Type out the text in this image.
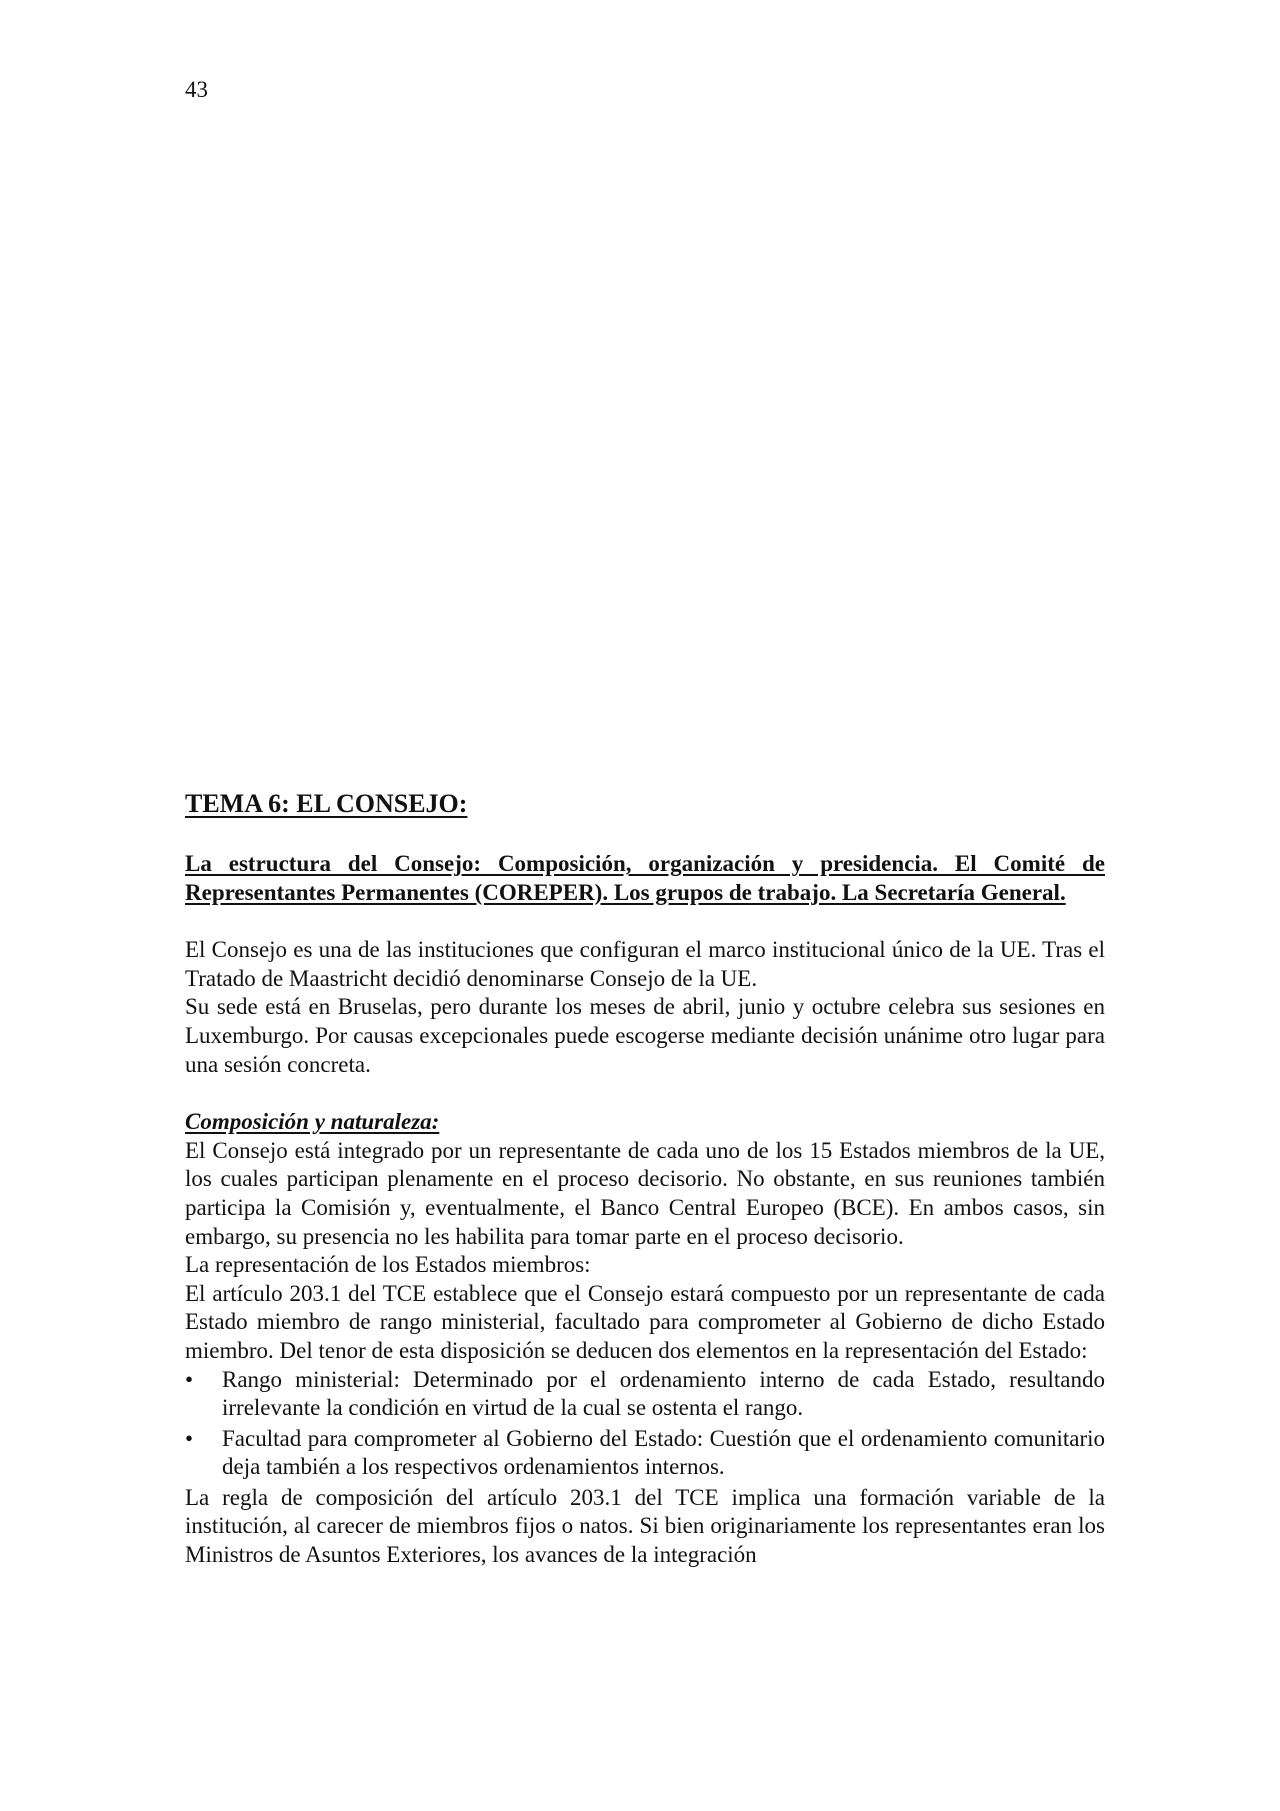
43
TEMA 6: EL CONSEJO:

La estructura del Consejo: Composición, organización y presidencia. El Comité de Representantes Permanentes (COREPER). Los grupos de trabajo. La Secretaría General.

El Consejo es una de las instituciones que configuran el marco institucional único de la UE. Tras el Tratado de Maastricht decidió denominarse Consejo de la UE.

Su sede está en Bruselas, pero durante los meses de abril, junio y octubre celebra sus sesiones en Luxemburgo. Por causas excepcionales puede escogerse mediante decisión unánime otro lugar para una sesión concreta.

Composición y naturaleza:

El Consejo está integrado por un representante de cada uno de los 15 Estados miembros de la UE, los cuales participan plenamente en el proceso decisorio. No obstante, en sus reuniones también participa la Comisión y, eventualmente, el Banco Central Europeo (BCE). En ambos casos, sin embargo, su presencia no les habilita para tomar parte en el proceso decisorio.

La representación de los Estados miembros:

El artículo 203.1 del TCE establece que el Consejo estará compuesto por un representante de cada Estado miembro de rango ministerial, facultado para comprometer al Gobierno de dicho Estado miembro. Del tenor de esta disposición se deducen dos elementos en la representación del Estado:

•	Rango ministerial: Determinado por el ordenamiento interno de cada Estado, resultando irrelevante la condición en virtud de la cual se ostenta el rango.
•	Facultad para comprometer al Gobierno del Estado: Cuestión que el ordenamiento comunitario deja también a los respectivos ordenamientos internos.

La regla de composición del artículo 203.1 del TCE implica una formación variable de la institución, al carecer de miembros fijos o natos. Si bien originariamente los representantes eran los Ministros de Asuntos Exteriores, los avances de la integración
